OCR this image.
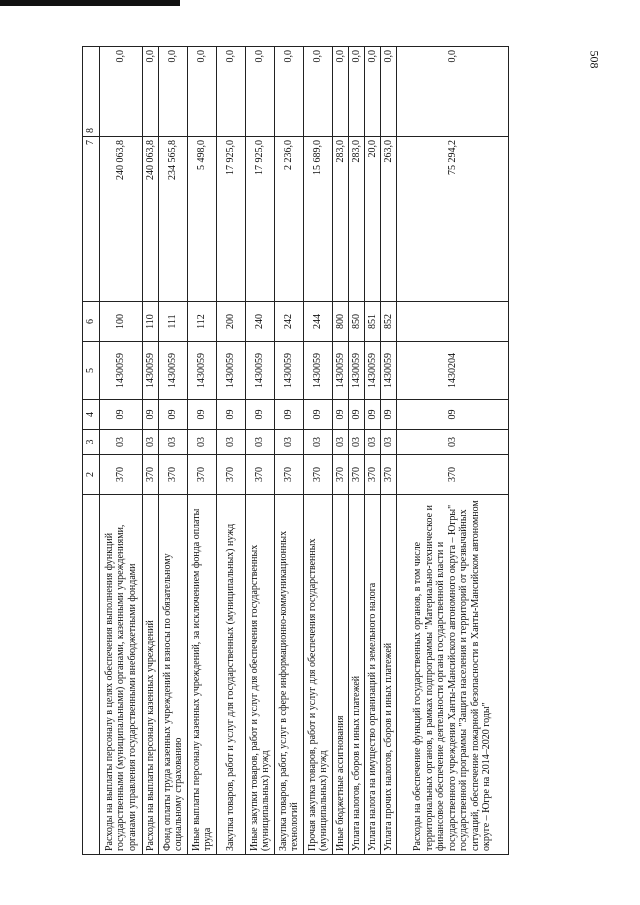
508
	2	3	4	5	6	7	8
Расходы на выплаты персоналу в целях обеспечения выполнения функций государственными (муниципальными) органами, казенными учреждениями, органами управления государственными внебюджетными фондами	370	03	09	1430059	100	240 063,8	0,0
Расходы на выплаты персоналу казенных учреждений	370	03	09	1430059	110	240 063,8	0,0
Фонд оплаты труда казенных учреждений и взносы по обязательному социальному страхованию	370	03	09	1430059	111	234 565,8	0,0
Иные выплаты персоналу казенных учреждений, за исключением фонда оплаты труда	370	03	09	1430059	112	5 498,0	0,0
Закупка товаров, работ и услуг для государственных (муниципальных) нужд	370	03	09	1430059	200	17 925,0	0,0
Иные закупки товаров, работ и услуг для обеспечения государственных (муниципальных) нужд	370	03	09	1430059	240	17 925,0	0,0
Закупка товаров, работ, услуг в сфере информационно-коммуникационных технологий	370	03	09	1430059	242	2 236,0	0,0
Прочая закупка товаров, работ и услуг для обеспечения государственных (муниципальных) нужд	370	03	09	1430059	244	15 689,0	0,0
Иные бюджетные ассигнования	370	03	09	1430059	800	283,0	0,0
Уплата налогов, сборов и иных платежей	370	03	09	1430059	850	283,0	0,0
Уплата налога на имущество организаций и земельного налога	370	03	09	1430059	851	20,0	0,0
Уплата прочих налогов, сборов и иных платежей	370	03	09	1430059	852	263,0	0,0
Расходы на обеспечение функций государственных органов, в том числе территориальных органов, в рамках подпрограммы "Материально-техническое и финансовое обеспечение деятельности органа государственной власти и государственного учреждения Ханты-Мансийского автономного округа – Югры" государственной программы "Защита населения и территорий от чрезвычайных ситуаций, обеспечение пожарной безопасности в Ханты-Мансийском автономном округе – Югре на 2014–2020 годы"	370	03	09	1430204		75 294,2	0,0
